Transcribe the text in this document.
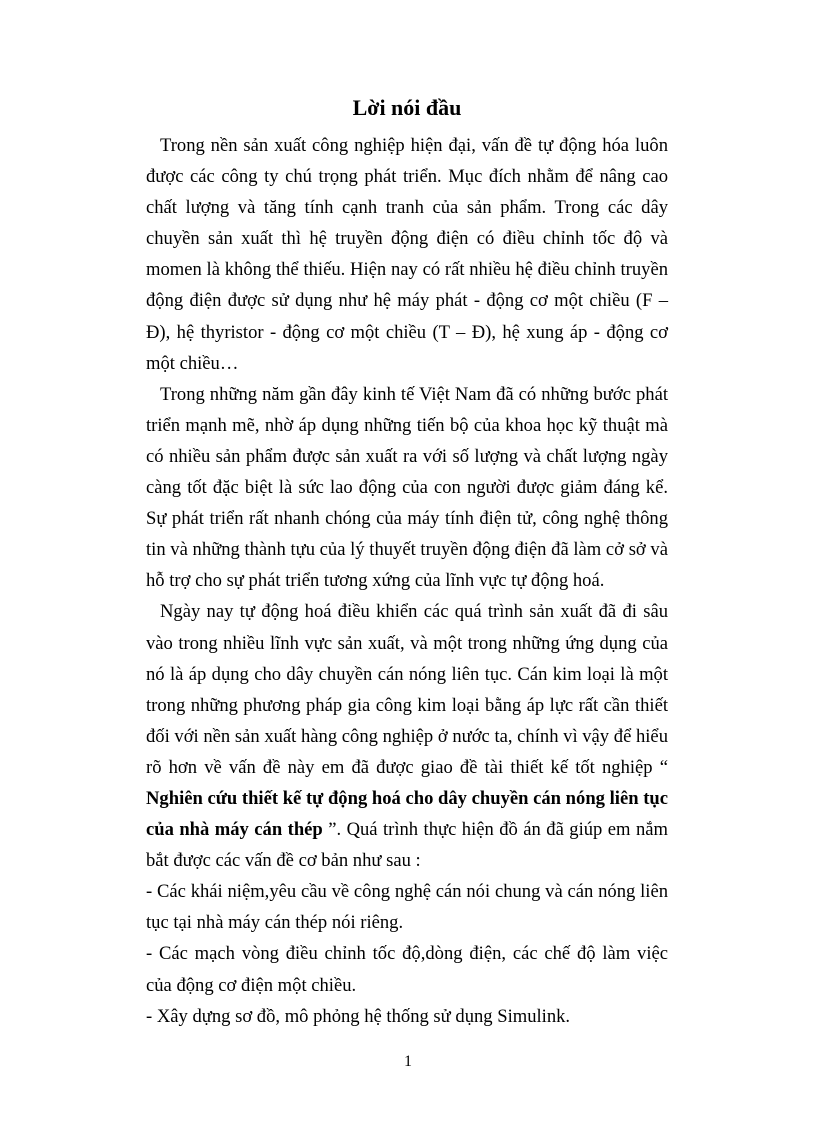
Lời nói đầu

Trong nền sản xuất công nghiệp hiện đại, vấn đề tự động hóa luôn được các công ty chú trọng phát triển. Mục đích nhằm để nâng cao chất lượng và tăng tính cạnh tranh của sản phẩm. Trong các dây chuyền sản xuất thì hệ truyền động điện có điều chỉnh tốc độ và momen là không thể thiếu. Hiện nay có rất nhiều hệ điều chỉnh truyền động điện được sử dụng như hệ máy phát - động cơ một chiều (F – Đ), hệ thyristor - động cơ một chiều (T – Đ), hệ xung áp - động cơ một chiều…

Trong những năm gần đây kinh tế Việt Nam đã có những bước phát triển mạnh mẽ, nhờ áp dụng những tiến bộ của khoa học kỹ thuật mà có nhiều sản phẩm được sản xuất ra với số lượng và chất lượng ngày càng tốt đặc biệt là sức lao động của con người được giảm đáng kể. Sự phát triển rất nhanh chóng của máy tính điện tử, công nghệ thông tin và những thành tựu của lý thuyết truyền động điện đã làm cở sở và hỗ trợ cho sự phát triển tương xứng của lĩnh vực tự động hoá.

Ngày nay tự động hoá điều khiển các quá trình sản xuất đã đi sâu vào trong nhiều lĩnh vực sản xuất, và một trong những ứng dụng của nó là áp dụng cho dây chuyền cán nóng liên tục. Cán kim loại là một trong những phương pháp gia công kim loại bằng áp lực rất cần thiết đối với nền sản xuất hàng công nghiệp ở nước ta, chính vì vậy để hiểu rõ hơn về vấn đề này em đã được giao đề tài thiết kế tốt nghiệp “ Nghiên cứu thiết kế tự động hoá cho dây chuyền cán nóng liên tục của nhà máy cán thép ”. Quá trình thực hiện đồ án đã giúp em nắm bắt được các vấn đề cơ bản như sau :

- Các khái niệm,yêu cầu về công nghệ cán nói chung và cán nóng liên tục tại nhà máy cán thép nói riêng.

- Các mạch vòng điều chỉnh tốc độ,dòng điện, các chế độ làm việc của động cơ điện một chiều.

- Xây dựng sơ đồ, mô phỏng hệ thống sử dụng Simulink.

1
